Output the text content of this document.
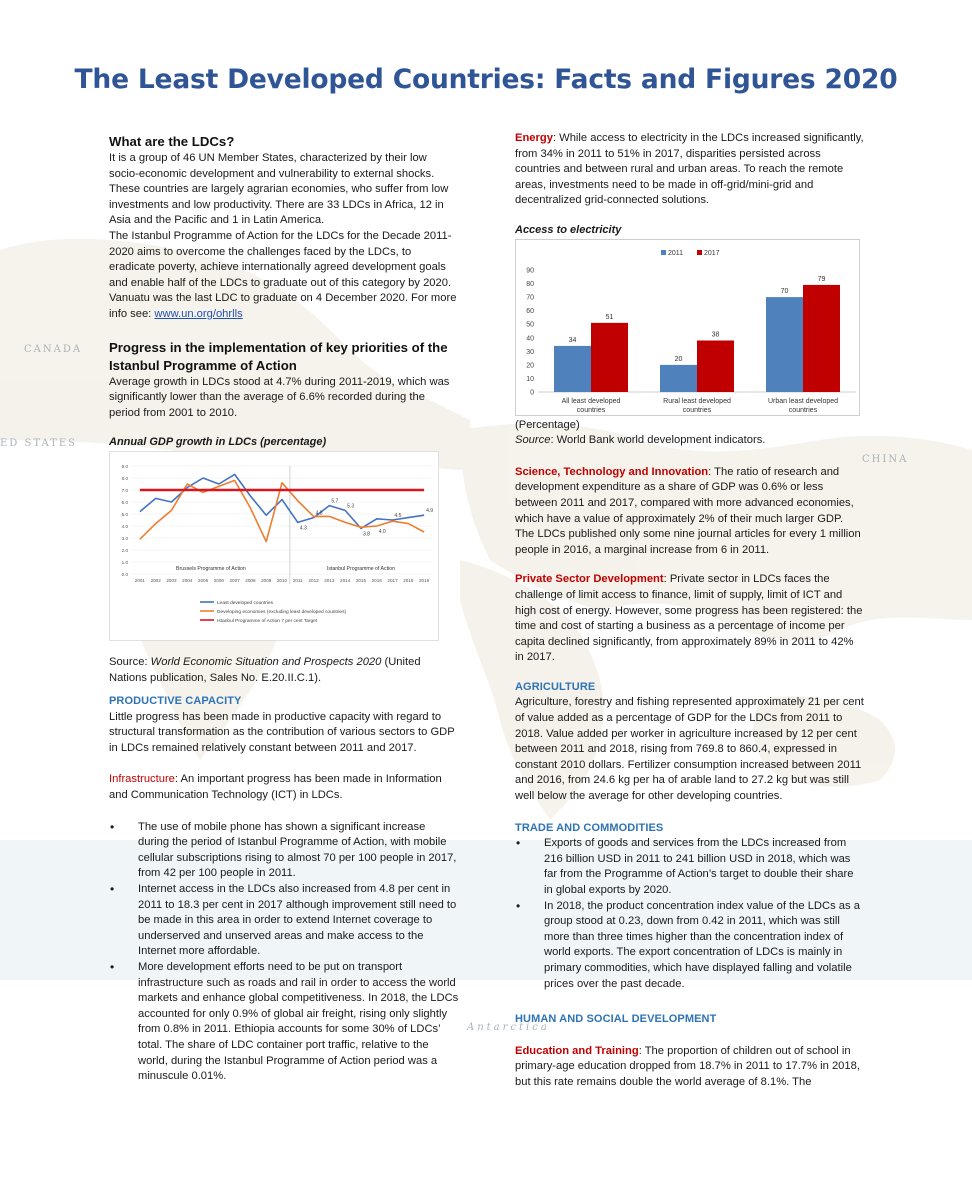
CANADA
ED STATES
CHINA
Antarctica
The Least Developed Countries: Facts and Figures 2020
What are the LDCs?

It is a group of 46 UN Member States, characterized by their low socio-economic development and vulnerability to external shocks. These countries are largely agrarian economies, who suffer from low investments and low productivity. There are 33 LDCs in Africa, 12 in Asia and the Pacific and 1 in Latin America.

The Istanbul Programme of Action for the LDCs for the Decade 2011-2020 aims to overcome the challenges faced by the LDCs, to eradicate poverty, achieve internationally agreed development goals and enable half of the LDCs to graduate out of this category by 2020. Vanuatu was the last LDC to graduate on 4 December 2020. For more info see: www.un.org/ohrlls

Progress in the implementation of key priorities of the Istanbul Programme of Action

Average growth in LDCs stood at 4.7% during 2011-2019, which was significantly lower than the average of 6.6% recorded during the period from 2001 to 2010.

Annual GDP growth in LDCs (percentage)
0.0
1.0
2.0
3.0
4.0
5.0
6.0
7.0
8.0
9.0
2001 2002 2003 2004 2005 2006 2007 2008 2009 2010 2011 2012 2013 2014 2015 2016 2017 2018 2019
Brussels Programme of Action	Istanbul Programme of Action
4.3
5.7
5.3
3.8 4.0
4.5
4.9
4.8
Least developed countries
Developing economies (excluding least developed countries)
Istanbul Programme of Action 7 per cent Target

Source: World Economic Situation and Prospects 2020 (United Nations publication, Sales No. E.20.II.C.1).

PRODUCTIVE CAPACITY

Little progress has been made in productive capacity with regard to structural transformation as the contribution of various sectors to GDP in LDCs remained relatively constant between 2011 and 2017.

Infrastructure: An important progress has been made in Information and Communication Technology (ICT) in LDCs.

• The use of mobile phone has shown a significant increase during the period of Istanbul Programme of Action, with mobile cellular subscriptions rising to almost 70 per 100 people in 2017, from 42 per 100 people in 2011.
• Internet access in the LDCs also increased from 4.8 per cent in 2011 to 18.3 per cent in 2017 although improvement still need to be made in this area in order to extend Internet coverage to underserved and unserved areas and make access to the Internet more affordable.
• More development efforts need to be put on transport infrastructure such as roads and rail in order to access the world markets and enhance global competitiveness. In 2018, the LDCs accounted for only 0.9% of global air freight, rising only slightly from 0.8% in 2011. Ethiopia accounts for some 30% of LDCs’ total. The share of LDC container port traffic, relative to the world, during the Istanbul Programme of Action period was a minuscule 0.01%.

Energy: While access to electricity in the LDCs increased significantly, from 34% in 2011 to 51% in 2017, disparities persisted across countries and between rural and urban areas. To reach the remote areas, investments need to be made in off-grid/mini-grid and decentralized grid-connected solutions.

Access to electricity
0
10
20
30
40
50
60
70
80
90
34
51
All least developed
countries
20
38
Rural least developed
countries
70
79
Urban least developed
countries
2011	2017

(Percentage)

Source: World Bank world development indicators.

Science, Technology and Innovation: The ratio of research and development expenditure as a share of GDP was 0.6% or less between 2011 and 2017, compared with more advanced economies, which have a value of approximately 2% of their much larger GDP. The LDCs published only some nine journal articles for every 1 million people in 2016, a marginal increase from 6 in 2011.

Private Sector Development: Private sector in LDCs faces the challenge of limit access to finance, limit of supply, limit of ICT and high cost of energy. However, some progress has been registered: the time and cost of starting a business as a percentage of income per capita declined significantly, from approximately 89% in 2011 to 42% in 2017.

AGRICULTURE

Agriculture, forestry and fishing represented approximately 21 per cent of value added as a percentage of GDP for the LDCs from 2011 to 2018. Value added per worker in agriculture increased by 12 per cent between 2011 and 2018, rising from 769.8 to 860.4, expressed in constant 2010 dollars. Fertilizer consumption increased between 2011 and 2016, from 24.6 kg per ha of arable land to 27.2 kg but was still well below the average for other developing countries.

TRADE AND COMMODITIES
• Exports of goods and services from the LDCs increased from 216 billion USD in 2011 to 241 billion USD in 2018, which was far from the Programme of Action’s target to double their share in global exports by 2020.
• In 2018, the product concentration index value of the LDCs as a group stood at 0.23, down from 0.42 in 2011, which was still more than three times higher than the concentration index of world exports. The export concentration of LDCs is mainly in primary commodities, which have displayed falling and volatile prices over the past decade.
HUMAN AND SOCIAL DEVELOPMENT

Education and Training: The proportion of children out of school in primary-age education dropped from 18.7% in 2011 to 17.7% in 2018, but this rate remains double the world average of 8.1%. The
